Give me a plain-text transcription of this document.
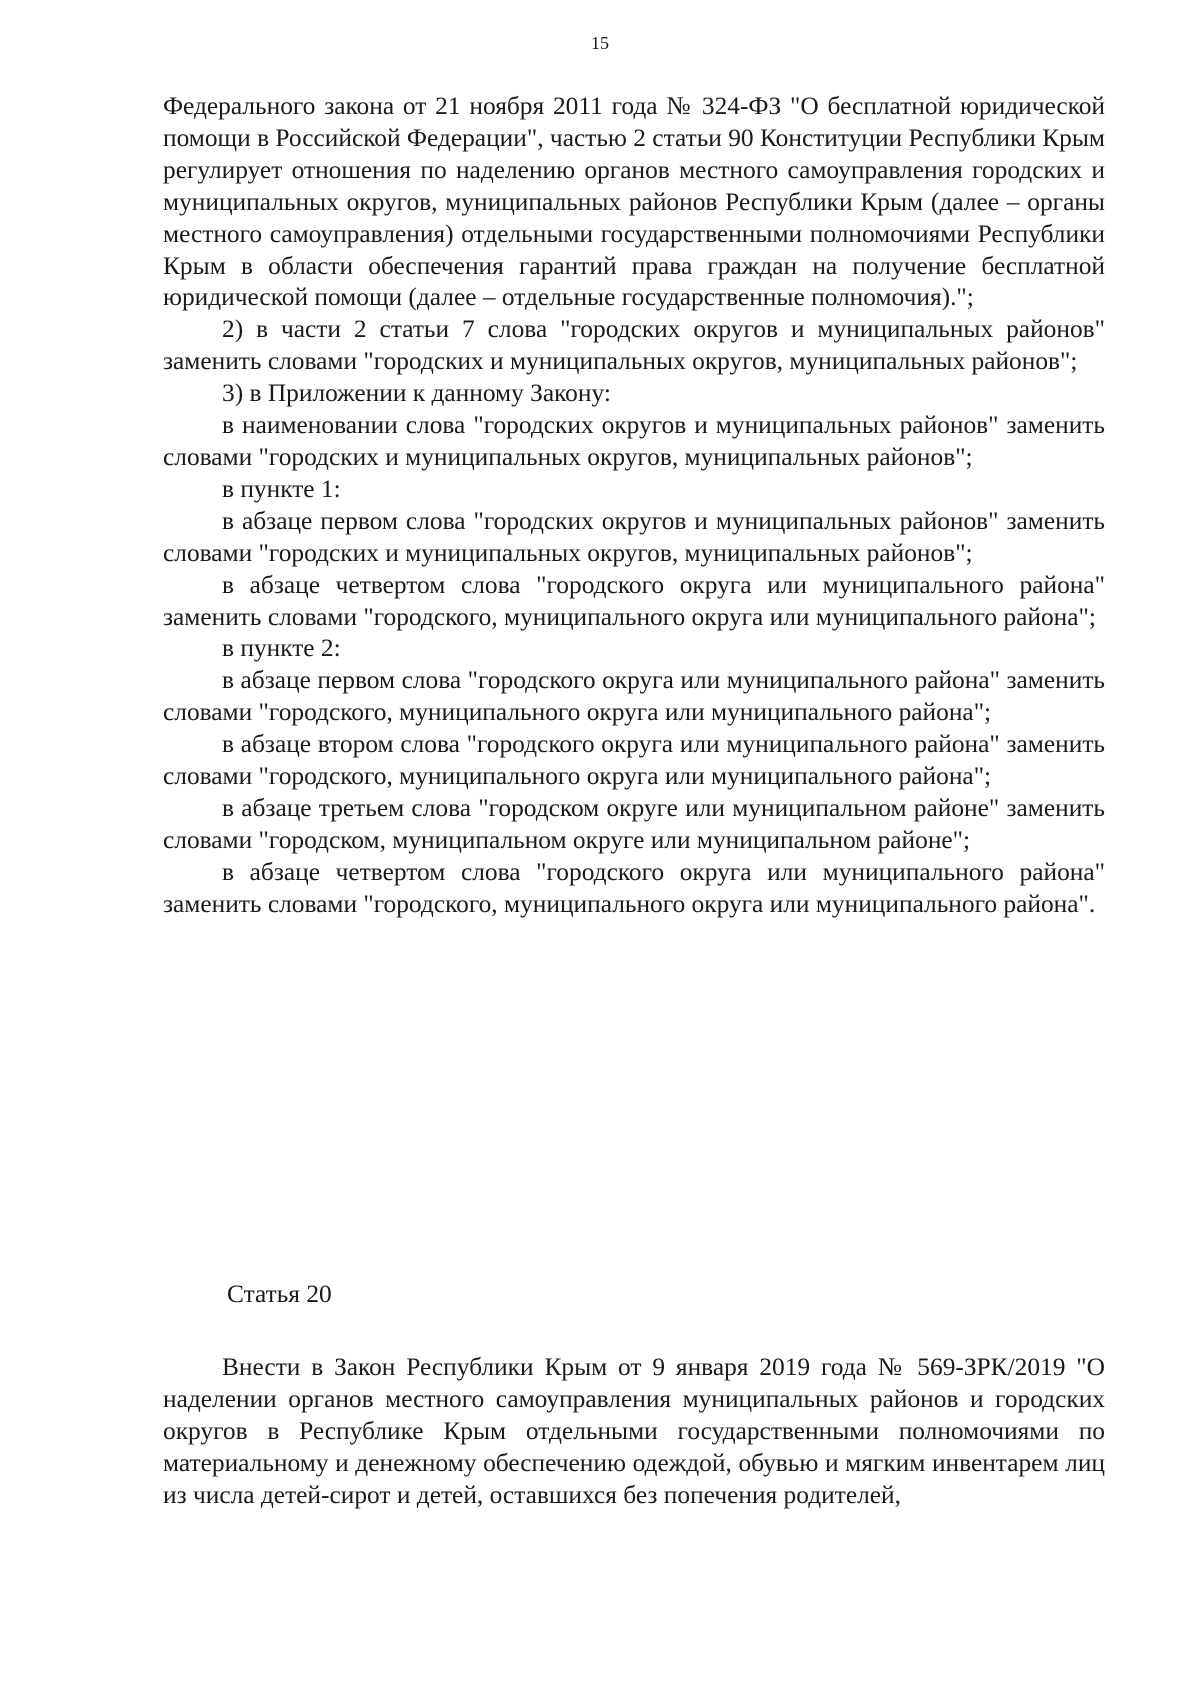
15

Федерального закона от 21 ноября 2011 года № 324-ФЗ "О бесплатной юридической помощи в Российской Федерации", частью 2 статьи 90 Конституции Республики Крым регулирует отношения по наделению органов местного самоуправления городских и муниципальных округов, муниципальных районов Республики Крым (далее – органы местного самоуправления) отдельными государственными полномочиями Республики Крым в области обеспечения гарантий права граждан на получение бесплатной юридической помощи (далее – отдельные государственные полномочия).";

2) в части 2 статьи 7 слова "городских округов и муниципальных районов" заменить словами "городских и муниципальных округов, муниципальных районов";

3) в Приложении к данному Закону:

в наименовании слова "городских округов и муниципальных районов" заменить словами "городских и муниципальных округов, муниципальных районов";

в пункте 1:

в абзаце первом слова "городских округов и муниципальных районов" заменить словами "городских и муниципальных округов, муниципальных районов";

в абзаце четвертом слова "городского округа или муниципального района" заменить словами "городского, муниципального округа или муниципального района";

в пункте 2:

в абзаце первом слова "городского округа или муниципального района" заменить словами "городского, муниципального округа или муниципального района";

в абзаце втором слова "городского округа или муниципального района" заменить словами "городского, муниципального округа или муниципального района";

в абзаце третьем слова "городском округе или муниципальном районе" заменить словами "городском, муниципальном округе или муниципальном районе";

в абзаце четвертом слова "городского округа или муниципального района" заменить словами "городского, муниципального округа или муниципального района".

Статья 20

Внести в Закон Республики Крым от 9 января 2019 года № 569-ЗРК/2019 "О наделении органов местного самоуправления муниципальных районов и городских округов в Республике Крым отдельными государственными полномочиями по материальному и денежному обеспечению одеждой, обувью и мягким инвентарем лиц из числа детей-сирот и детей, оставшихся без попечения родителей,
